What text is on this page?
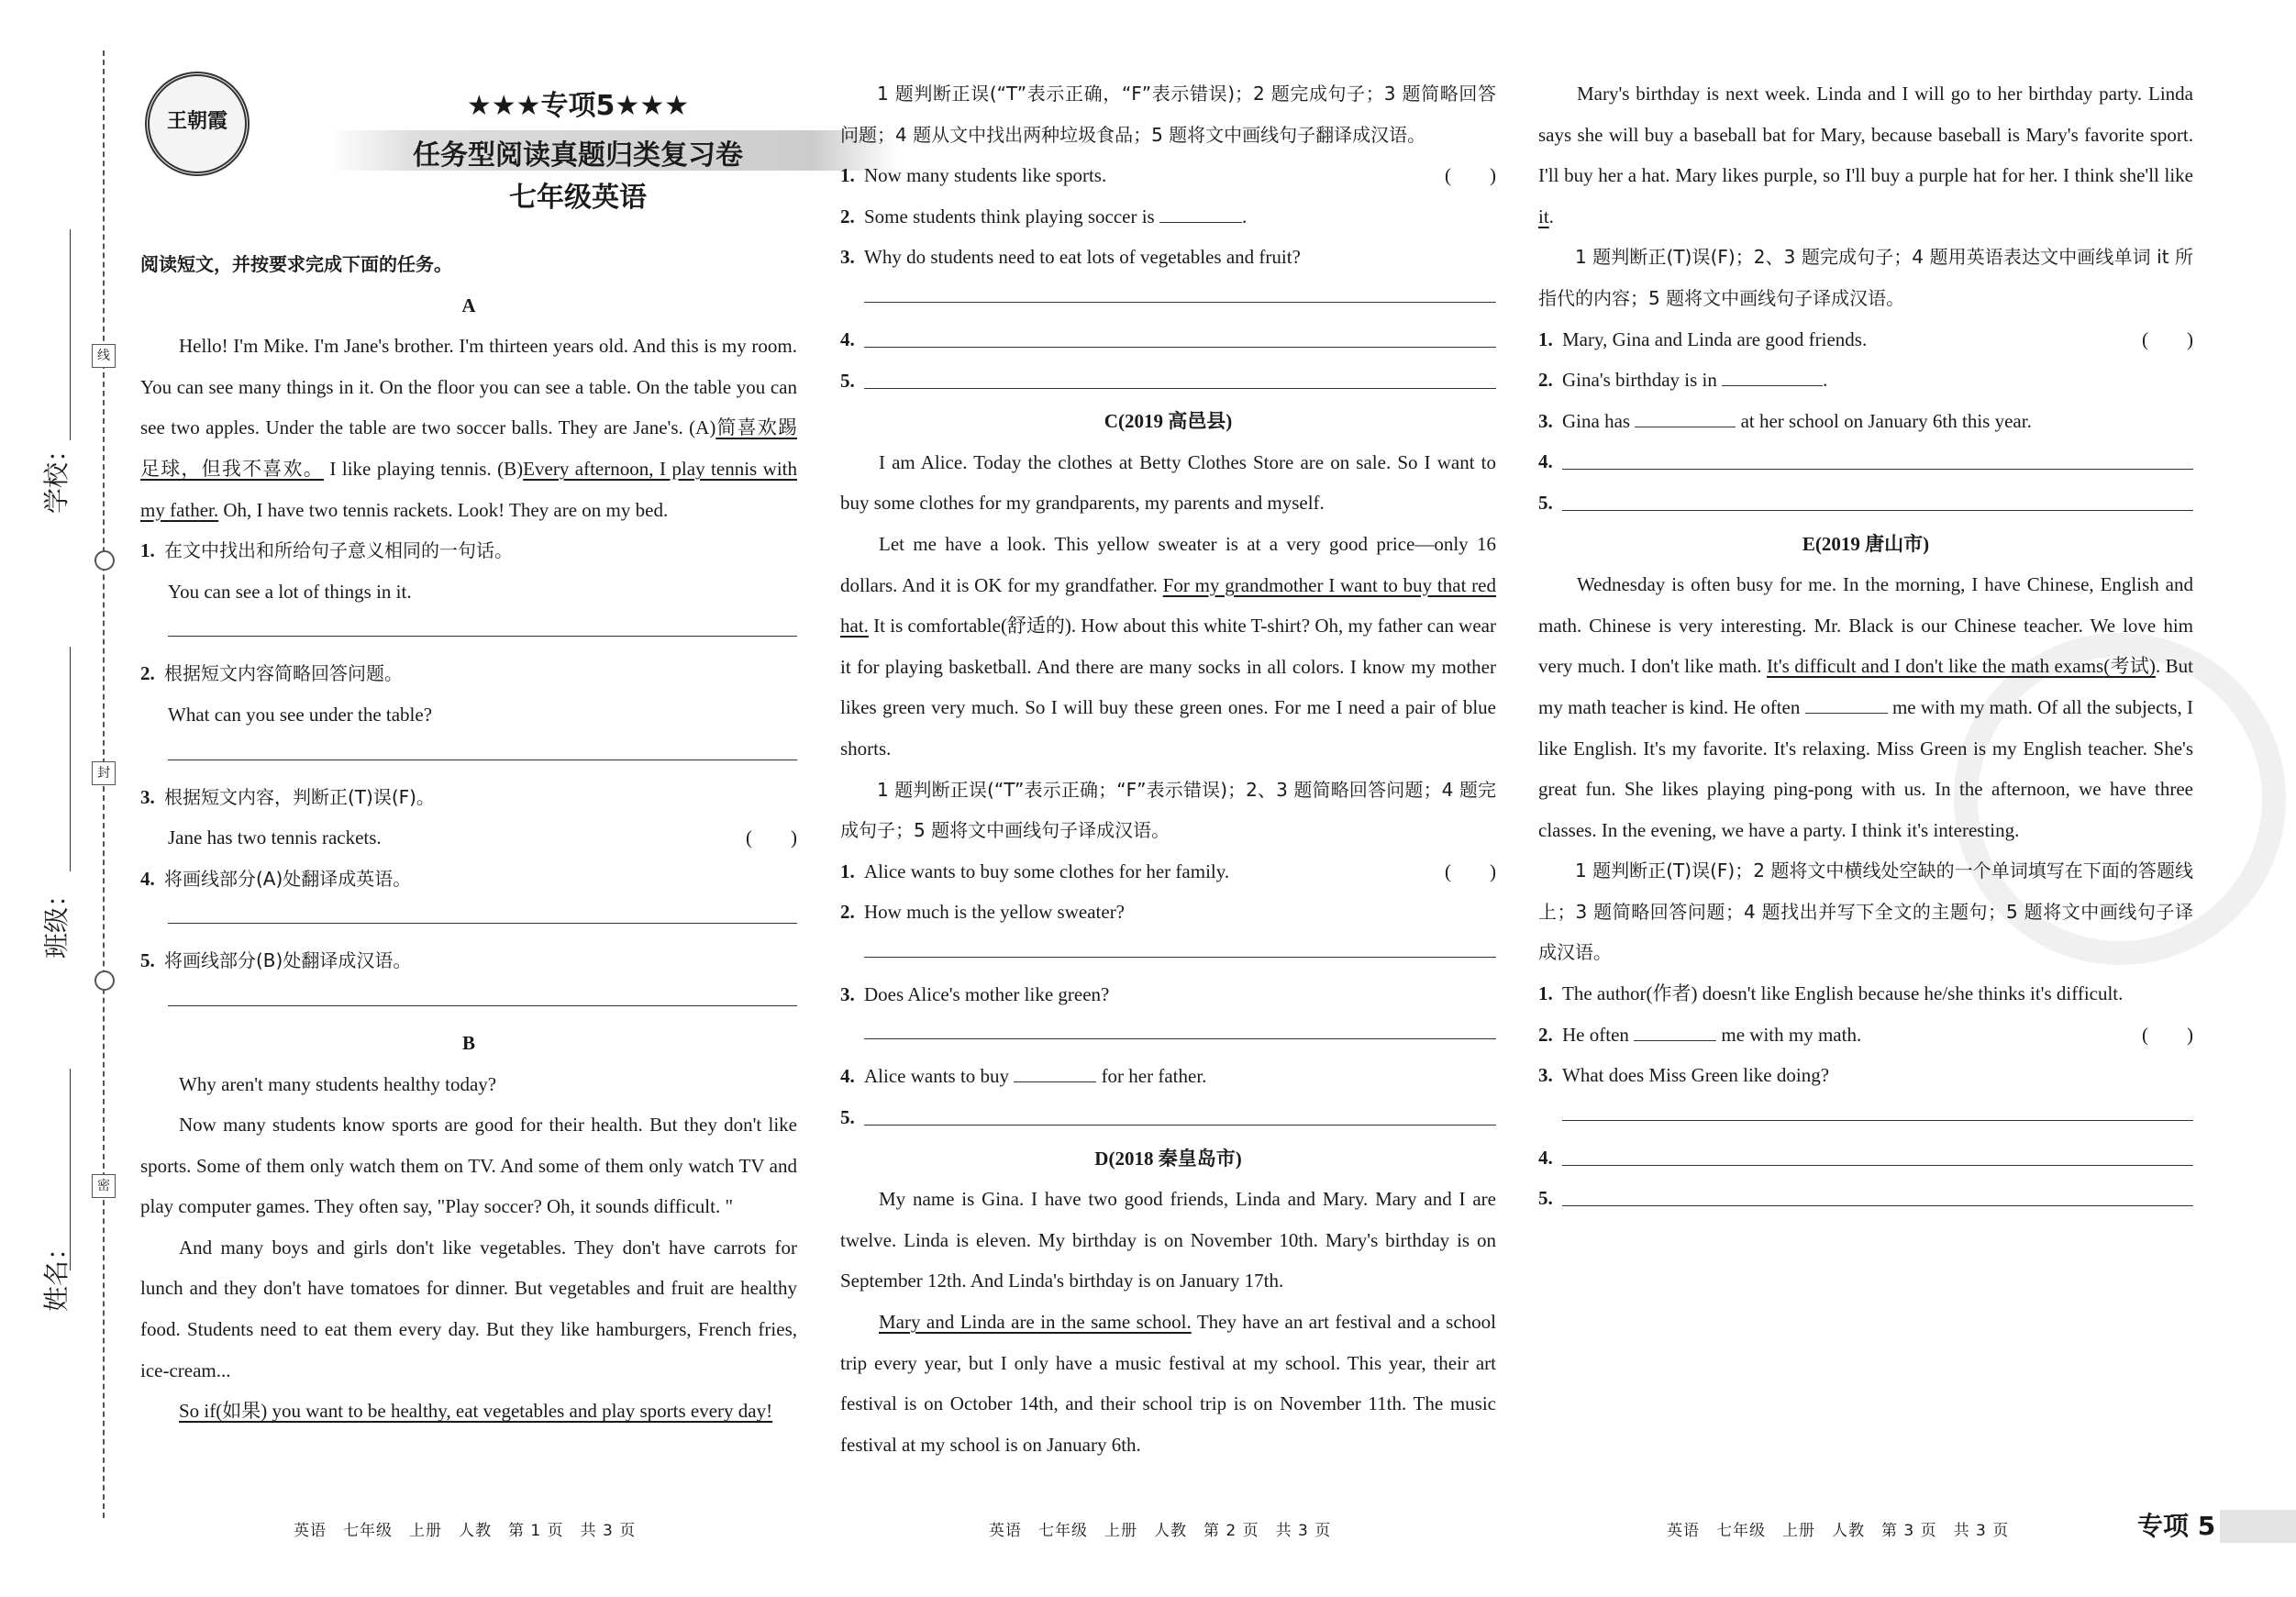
学校：
班级：
姓名：
线
封
密
王朝霞	★★★专项5★★★
任务型阅读真题归类复习卷
七年级英语

阅读短文，并按要求完成下面的任务。

A

Hello! I'm Mike. I'm Jane's brother. I'm thirteen years old. And this is my room. You can see many things in it. On the floor you can see a table. On the table you can see two apples. Under the table are two soccer balls. They are Jane's. (A)简喜欢踢足球，但我不喜欢。 I like playing tennis. (B)Every afternoon, I play tennis with my father. Oh, I have two tennis rackets. Look! They are on my bed.

1. 在文中找出和所给句子意义相同的一句话。

You can see a lot of things in it.

2. 根据短文内容简略回答问题。

What can you see under the table?

3. 根据短文内容，判断正(T)误(F)。
Jane has two tennis rackets.	(　　)
4. 将画线部分(A)处翻译成英语。
5. 将画线部分(B)处翻译成汉语。

B

Why aren't many students healthy today?

Now many students know sports are good for their health. But they don't like sports. Some of them only watch them on TV. And some of them only watch TV and play computer games. They often say, "Play soccer? Oh, it sounds difficult. "

And many boys and girls don't like vegetables. They don't have carrots for lunch and they don't have tomatoes for dinner. But vegetables and fruit are healthy food. Students need to eat them every day. But they like hamburgers, French fries, ice-cream...

So if(如果) you want to be healthy, eat vegetables and play sports every day!

1 题判断正误(“T”表示正确，“F”表示错误)；2 题完成句子；3 题简略回答问题；4 题从文中找出两种垃圾食品；5 题将文中画线句子翻译成汉语。

1. Now many students like sports.	(　　)
2. Some students think playing soccer is	.
3. Why do students need to eat lots of vegetables and fruit?
4.
5.

C(2019 高邑县)

I am Alice. Today the clothes at Betty Clothes Store are on sale. So I want to buy some clothes for my grandparents, my parents and myself.

Let me have a look. This yellow sweater is at a very good price—only 16 dollars. And it is OK for my grandfather. For my grandmother I want to buy that red hat. It is comfortable(舒适的). How about this white T-shirt? Oh, my father can wear it for playing basketball. And there are many socks in all colors. I know my mother likes green very much. So I will buy these green ones. For me I need a pair of blue shorts.

1 题判断正误(“T”表示正确；“F”表示错误)；2、3 题简略回答问题；4 题完成句子；5 题将文中画线句子译成汉语。

1. Alice wants to buy some clothes for her family.	(　　)
2. How much is the yellow sweater?
3. Does Alice's mother like green?
4. Alice wants to buy	for her father.
5.

D(2018 秦皇岛市)

My name is Gina. I have two good friends, Linda and Mary. Mary and I are twelve. Linda is eleven. My birthday is on November 10th. Mary's birthday is on September 12th. And Linda's birthday is on January 17th.

Mary and Linda are in the same school. They have an art festival and a school trip every year, but I only have a music festival at my school. This year, their art festival is on October 14th, and their school trip is on November 11th. The music festival at my school is on January 6th.

Mary's birthday is next week. Linda and I will go to her birthday party. Linda says she will buy a baseball bat for Mary, because baseball is Mary's favorite sport. I'll buy her a hat. Mary likes purple, so I'll buy a purple hat for her. I think she'll like it.

1 题判断正(T)误(F)；2、3 题完成句子；4 题用英语表达文中画线单词 it 所指代的内容；5 题将文中画线句子译成汉语。

1. Mary, Gina and Linda are good friends.	(　　)
2. Gina's birthday is in	.
3. Gina has	at her school on January 6th this year.
4.
5.

E(2019 唐山市)

Wednesday is often busy for me. In the morning, I have Chinese, English and math. Chinese is very interesting. Mr. Black is our Chinese teacher. We love him very much. I don't like math. It's difficult and I don't like the math exams(考试). But my math teacher is kind. He often	me with my math. Of all the subjects, I like English. It's my favorite. It's relaxing. Miss Green is my English teacher. She's great fun. She likes playing ping-pong with us. In the afternoon, we have three classes. In the evening, we have a party. I think it's interesting.

1 题判断正(T)误(F)；2 题将文中横线处空缺的一个单词填写在下面的答题线上；3 题简略回答问题；4 题找出并写下全文的主题句；5 题将文中画线句子译成汉语。

1. The author(作者) doesn't like English because he/she thinks it's difficult.
(　　)
2. He often	me with my math.
3. What does Miss Green like doing?
4.
5.
英语　七年级　上册　人教　第 1 页　共 3 页	英语　七年级　上册　人教　第 2 页　共 3 页	英语　七年级　上册　人教　第 3 页　共 3 页	专项 5
